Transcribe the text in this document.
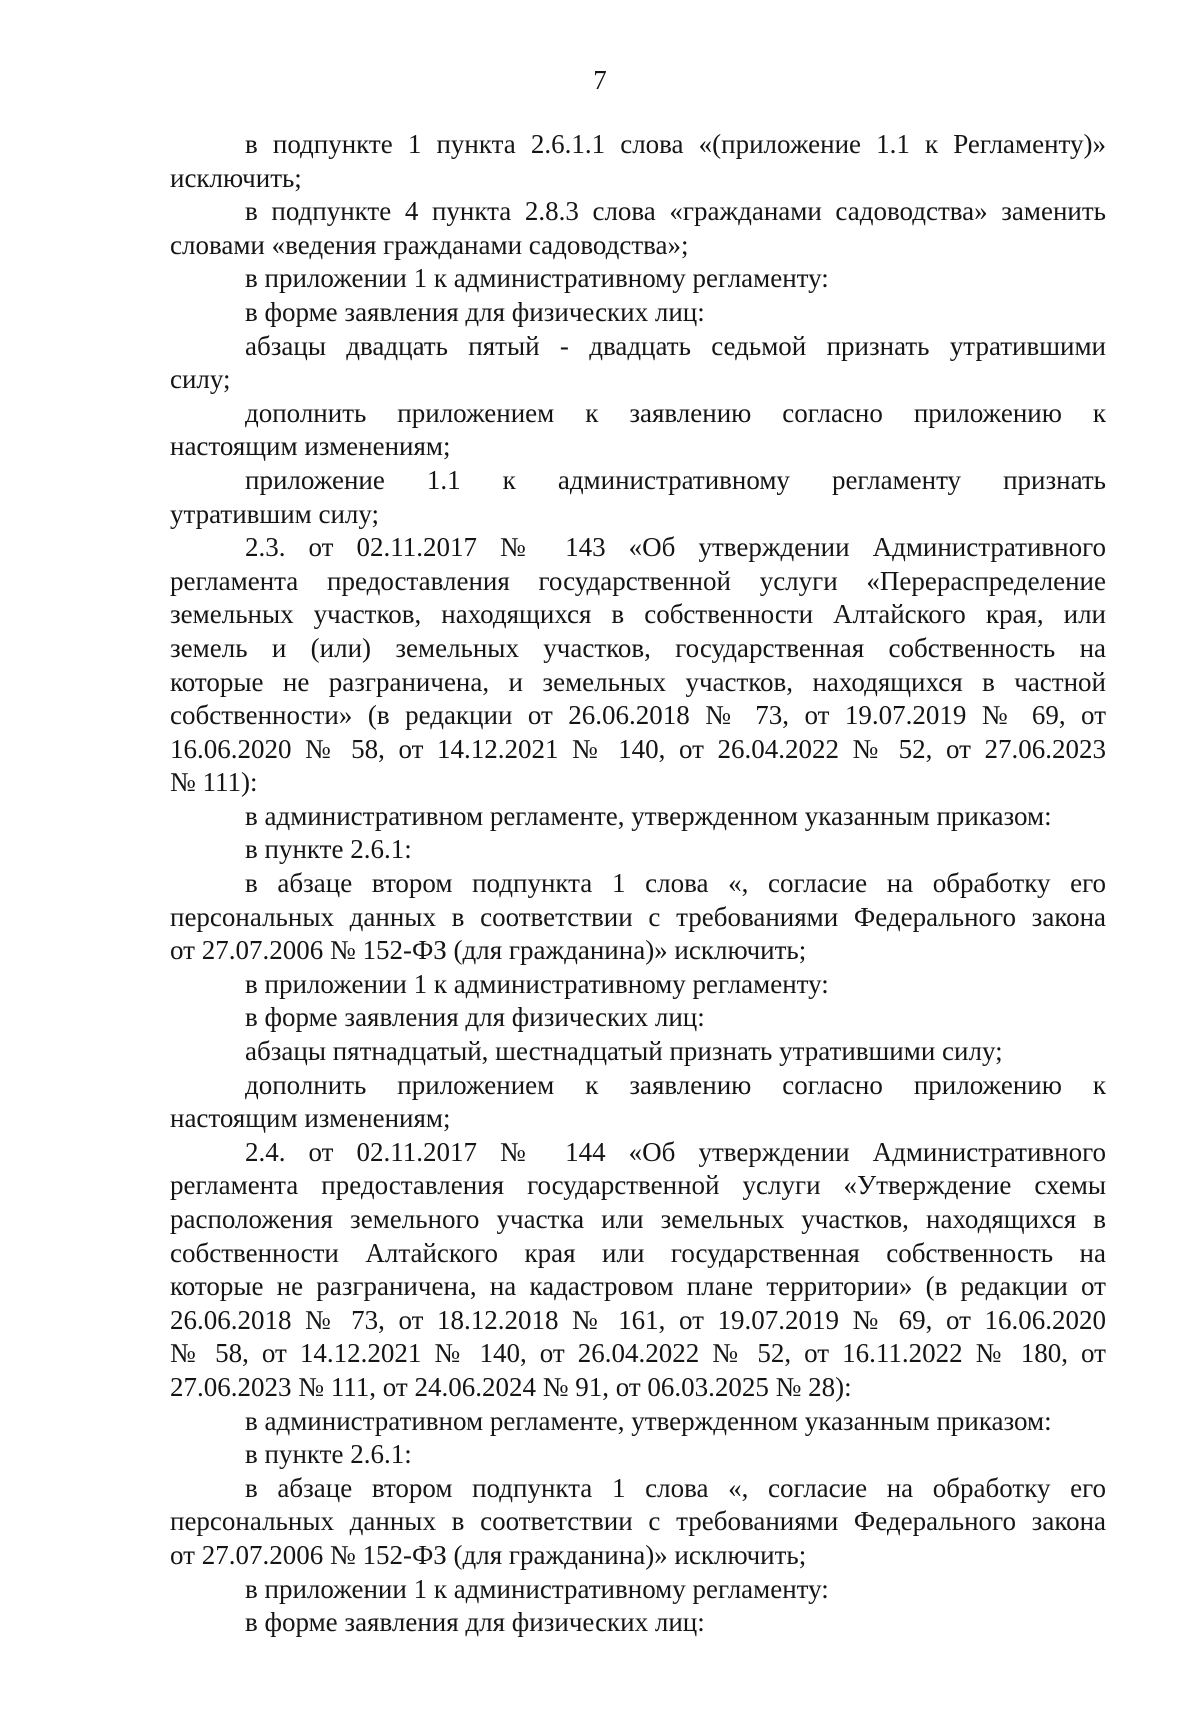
7
в подпункте 1 пункта 2.6.1.1 слова «(приложение 1.1 к Регламенту)»
исключить;
в подпункте 4 пункта 2.8.3 слова «гражданами садоводства» заменить
словами «ведения гражданами садоводства»;
в приложении 1 к административному регламенту:
в форме заявления для физических лиц:
абзацы двадцать пятый - двадцать седьмой признать утратившими
силу;
дополнить приложением к заявлению согласно приложению к
настоящим изменениям;
приложение 1.1 к административному регламенту признать
утратившим силу;
2.3. от 02.11.2017 № 143 «Об утверждении Административного
регламента предоставления государственной услуги «Перераспределение
земельных участков, находящихся в собственности Алтайского края, или
земель и (или) земельных участков, государственная собственность на
которые не разграничена, и земельных участков, находящихся в частной
собственности» (в редакции от 26.06.2018 № 73, от 19.07.2019 № 69, от
16.06.2020 № 58, от 14.12.2021 № 140, от 26.04.2022 № 52, от 27.06.2023
№ 111):
в административном регламенте, утвержденном указанным приказом:
в пункте 2.6.1:
в абзаце втором подпункта 1 слова «, согласие на обработку его
персональных данных в соответствии с требованиями Федерального закона
от 27.07.2006 № 152-ФЗ (для гражданина)» исключить;
в приложении 1 к административному регламенту:
в форме заявления для физических лиц:
абзацы пятнадцатый, шестнадцатый признать утратившими силу;
дополнить приложением к заявлению согласно приложению к
настоящим изменениям;
2.4. от 02.11.2017 № 144 «Об утверждении Административного
регламента предоставления государственной услуги «Утверждение схемы
расположения земельного участка или земельных участков, находящихся в
собственности Алтайского края или государственная собственность на
которые не разграничена, на кадастровом плане территории» (в редакции от
26.06.2018 № 73, от 18.12.2018 № 161, от 19.07.2019 № 69, от 16.06.2020
№ 58, от 14.12.2021 № 140, от 26.04.2022 № 52, от 16.11.2022 № 180, от
27.06.2023 № 111, от 24.06.2024 № 91, от 06.03.2025 № 28):
в административном регламенте, утвержденном указанным приказом:
в пункте 2.6.1:
в абзаце втором подпункта 1 слова «, согласие на обработку его
персональных данных в соответствии с требованиями Федерального закона
от 27.07.2006 № 152-ФЗ (для гражданина)» исключить;
в приложении 1 к административному регламенту:
в форме заявления для физических лиц:
